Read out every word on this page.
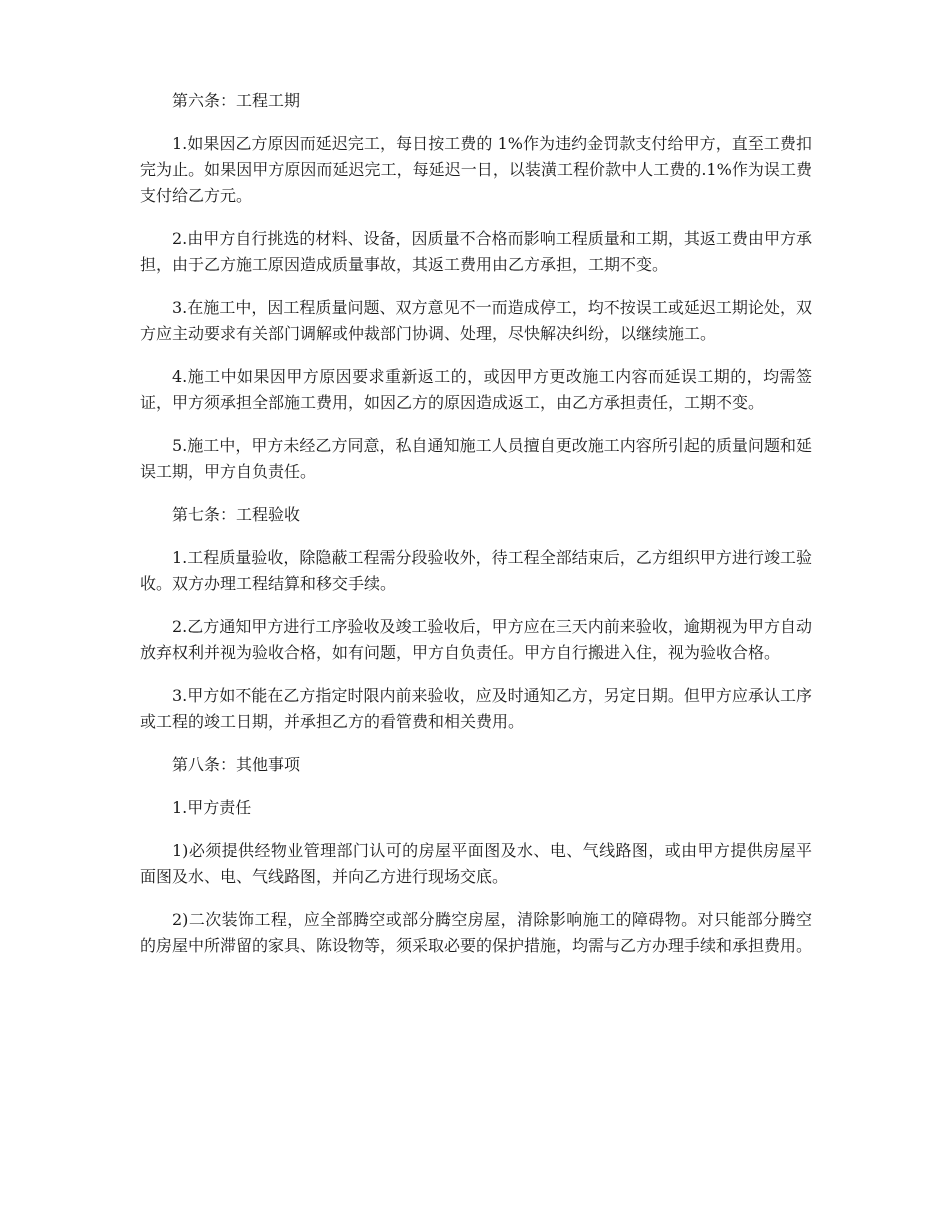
第六条：工程工期

1.如果因乙方原因而延迟完工，每日按工费的 1%作为违约金罚款支付给甲方，直至工费扣完为止。如果因甲方原因而延迟完工，每延迟一日，以装潢工程价款中人工费的.1%作为误工费支付给乙方元。

2.由甲方自行挑选的材料、设备，因质量不合格而影响工程质量和工期，其返工费由甲方承担，由于乙方施工原因造成质量事故，其返工费用由乙方承担，工期不变。

3.在施工中，因工程质量问题、双方意见不一而造成停工，均不按误工或延迟工期论处，双方应主动要求有关部门调解或仲裁部门协调、处理，尽快解决纠纷，以继续施工。

4.施工中如果因甲方原因要求重新返工的，或因甲方更改施工内容而延误工期的，均需签证，甲方须承担全部施工费用，如因乙方的原因造成返工，由乙方承担责任，工期不变。

5.施工中，甲方未经乙方同意，私自通知施工人员擅自更改施工内容所引起的质量问题和延误工期，甲方自负责任。

第七条：工程验收

1.工程质量验收，除隐蔽工程需分段验收外，待工程全部结束后，乙方组织甲方进行竣工验收。双方办理工程结算和移交手续。

2.乙方通知甲方进行工序验收及竣工验收后，甲方应在三天内前来验收，逾期视为甲方自动放弃权利并视为验收合格，如有问题，甲方自负责任。甲方自行搬进入住，视为验收合格。

3.甲方如不能在乙方指定时限内前来验收，应及时通知乙方，另定日期。但甲方应承认工序或工程的竣工日期，并承担乙方的看管费和相关费用。

第八条：其他事项

1.甲方责任

1)必须提供经物业管理部门认可的房屋平面图及水、电、气线路图，或由甲方提供房屋平面图及水、电、气线路图，并向乙方进行现场交底。

2)二次装饰工程，应全部腾空或部分腾空房屋，清除影响施工的障碍物。对只能部分腾空的房屋中所滞留的家具、陈设物等，须采取必要的保护措施，均需与乙方办理手续和承担费用。
